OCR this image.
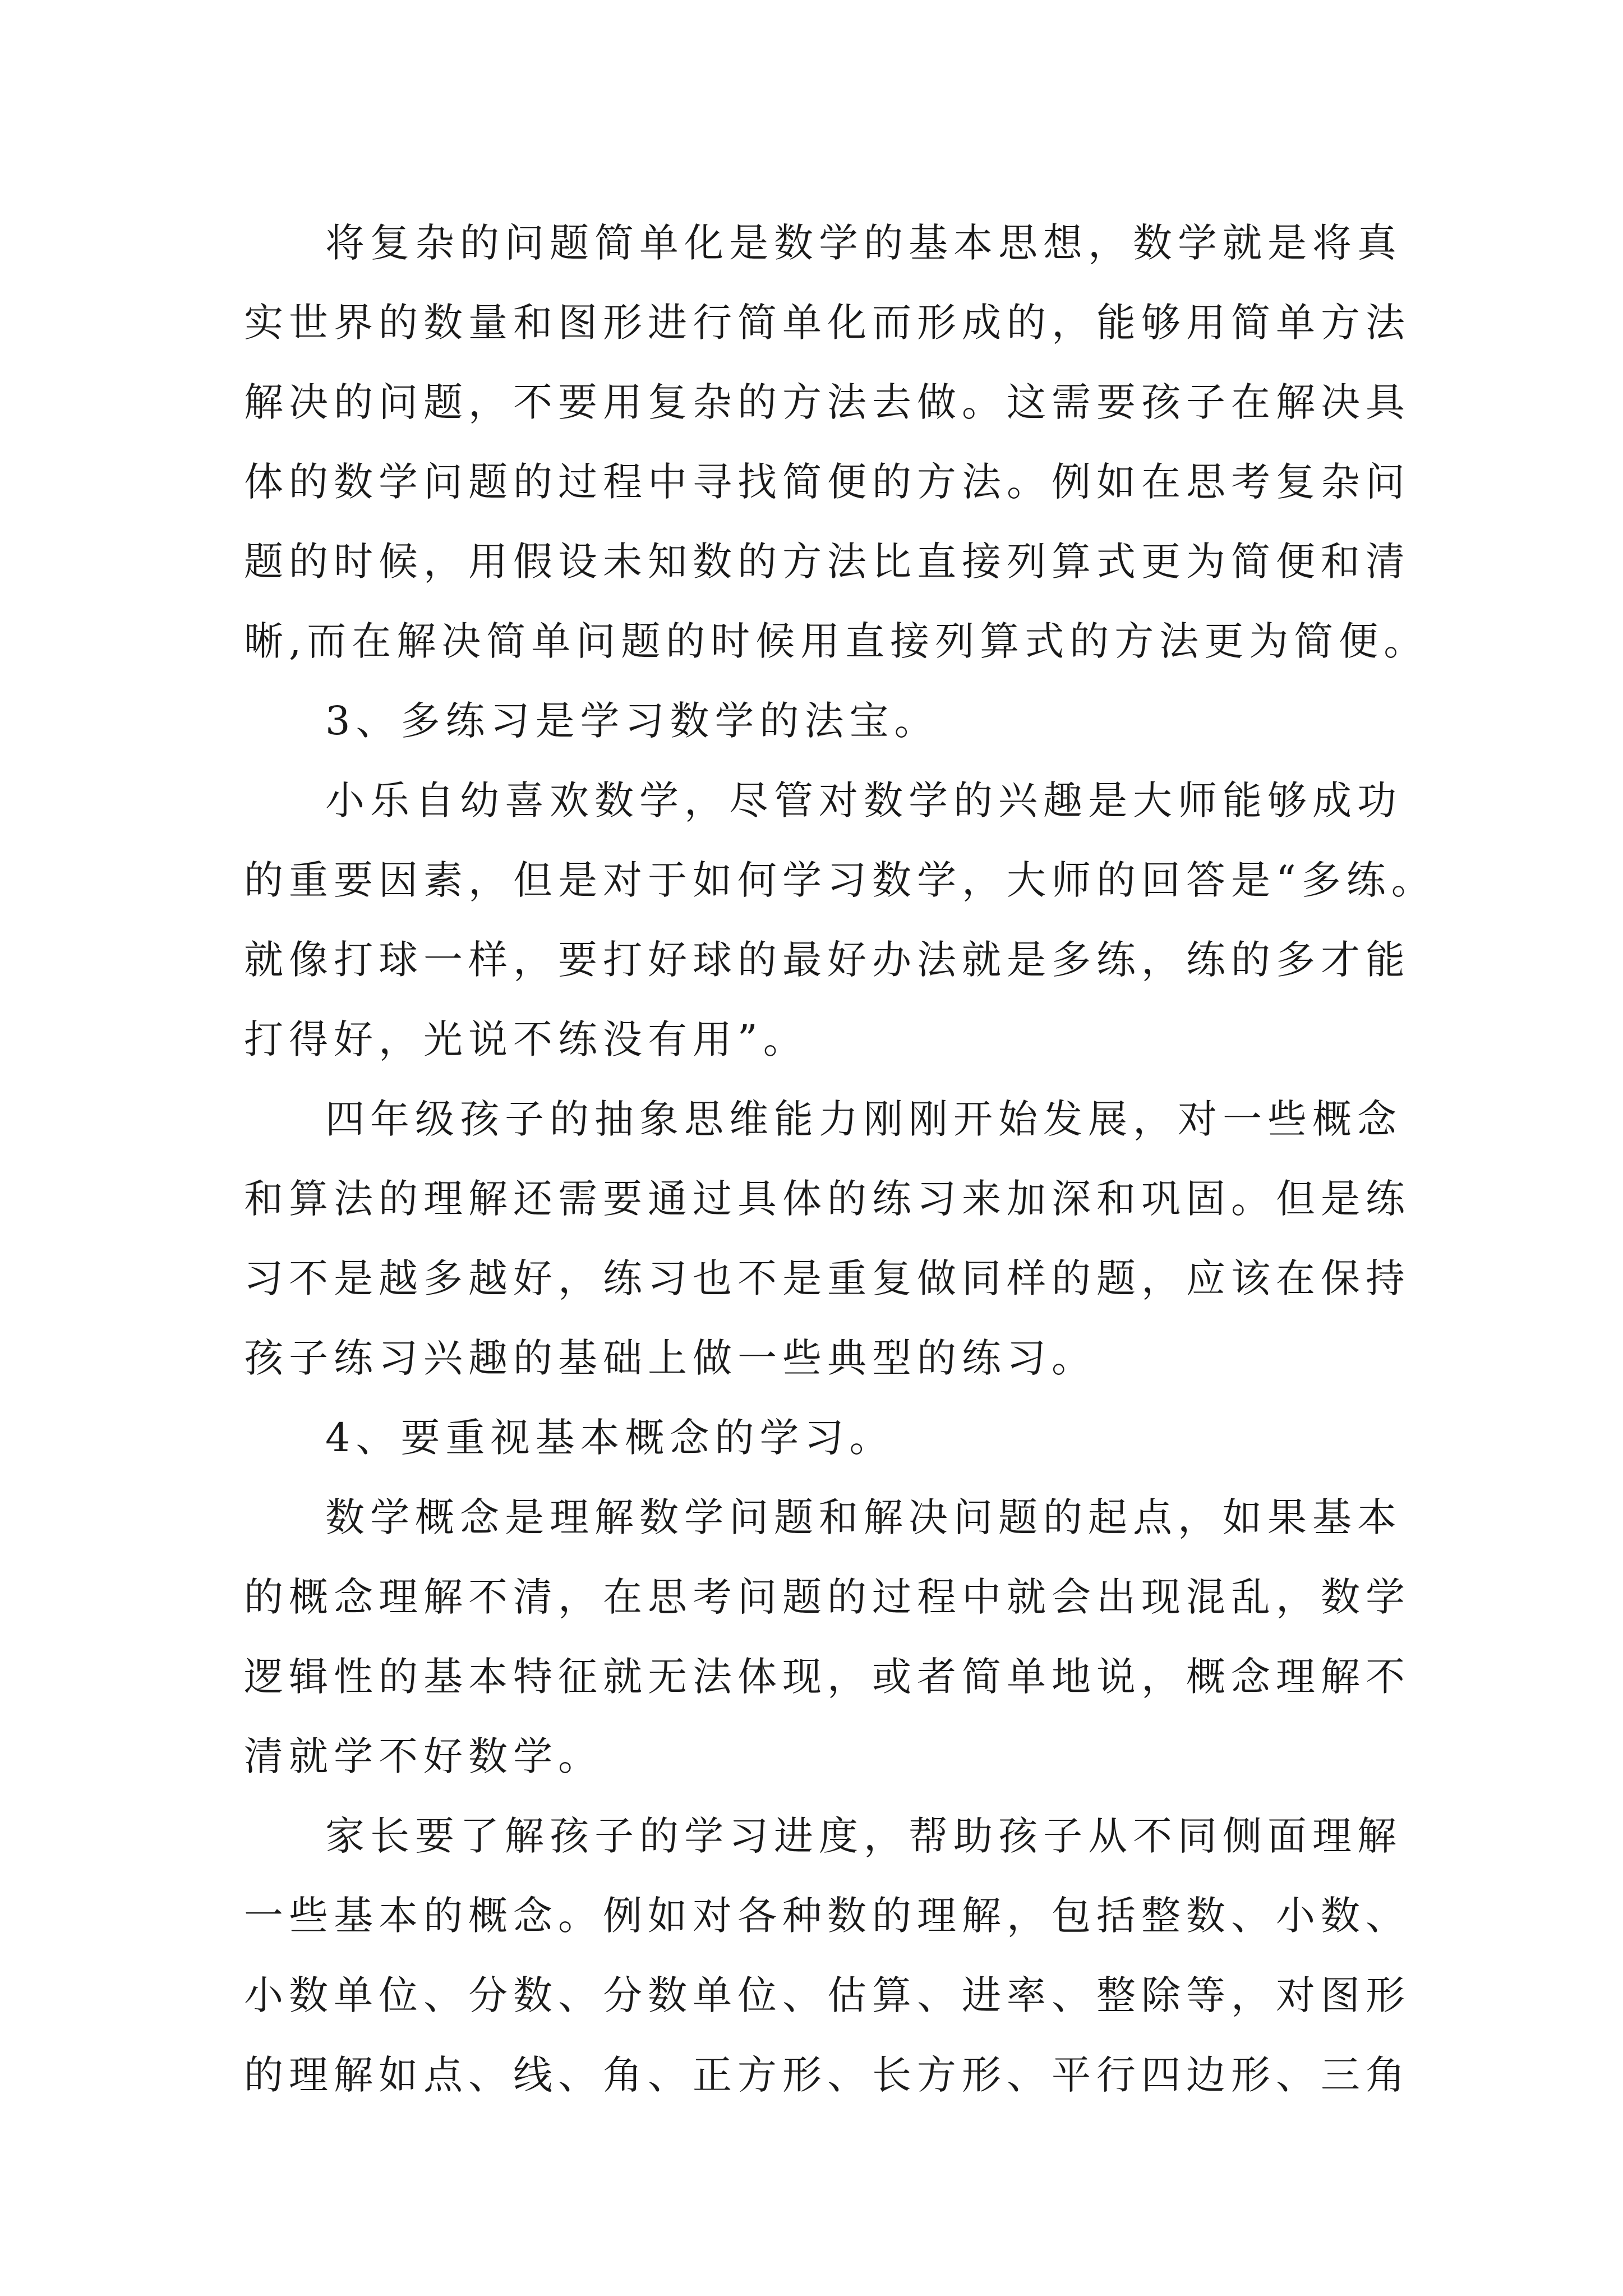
将复杂的问题简单化是数学的基本思想，数学就是将真
实世界的数量和图形进行简单化而形成的，能够用简单方法
解决的问题，不要用复杂的方法去做。这需要孩子在解决具
体的数学问题的过程中寻找简便的方法。例如在思考复杂问
题的时候，用假设未知数的方法比直接列算式更为简便和清
晰,而在解决简单问题的时候用直接列算式的方法更为简便。
3、多练习是学习数学的法宝。
小乐自幼喜欢数学，尽管对数学的兴趣是大师能够成功
的重要因素，但是对于如何学习数学，大师的回答是“多练。
就像打球一样，要打好球的最好办法就是多练，练的多才能
打得好，光说不练没有用”。
四年级孩子的抽象思维能力刚刚开始发展，对一些概念
和算法的理解还需要通过具体的练习来加深和巩固。但是练
习不是越多越好，练习也不是重复做同样的题，应该在保持
孩子练习兴趣的基础上做一些典型的练习。
4、要重视基本概念的学习。
数学概念是理解数学问题和解决问题的起点，如果基本
的概念理解不清，在思考问题的过程中就会出现混乱，数学
逻辑性的基本特征就无法体现，或者简单地说，概念理解不
清就学不好数学。
家长要了解孩子的学习进度，帮助孩子从不同侧面理解
一些基本的概念。例如对各种数的理解，包括整数、小数、
小数单位、分数、分数单位、估算、进率、整除等，对图形
的理解如点、线、角、正方形、长方形、平行四边形、三角
